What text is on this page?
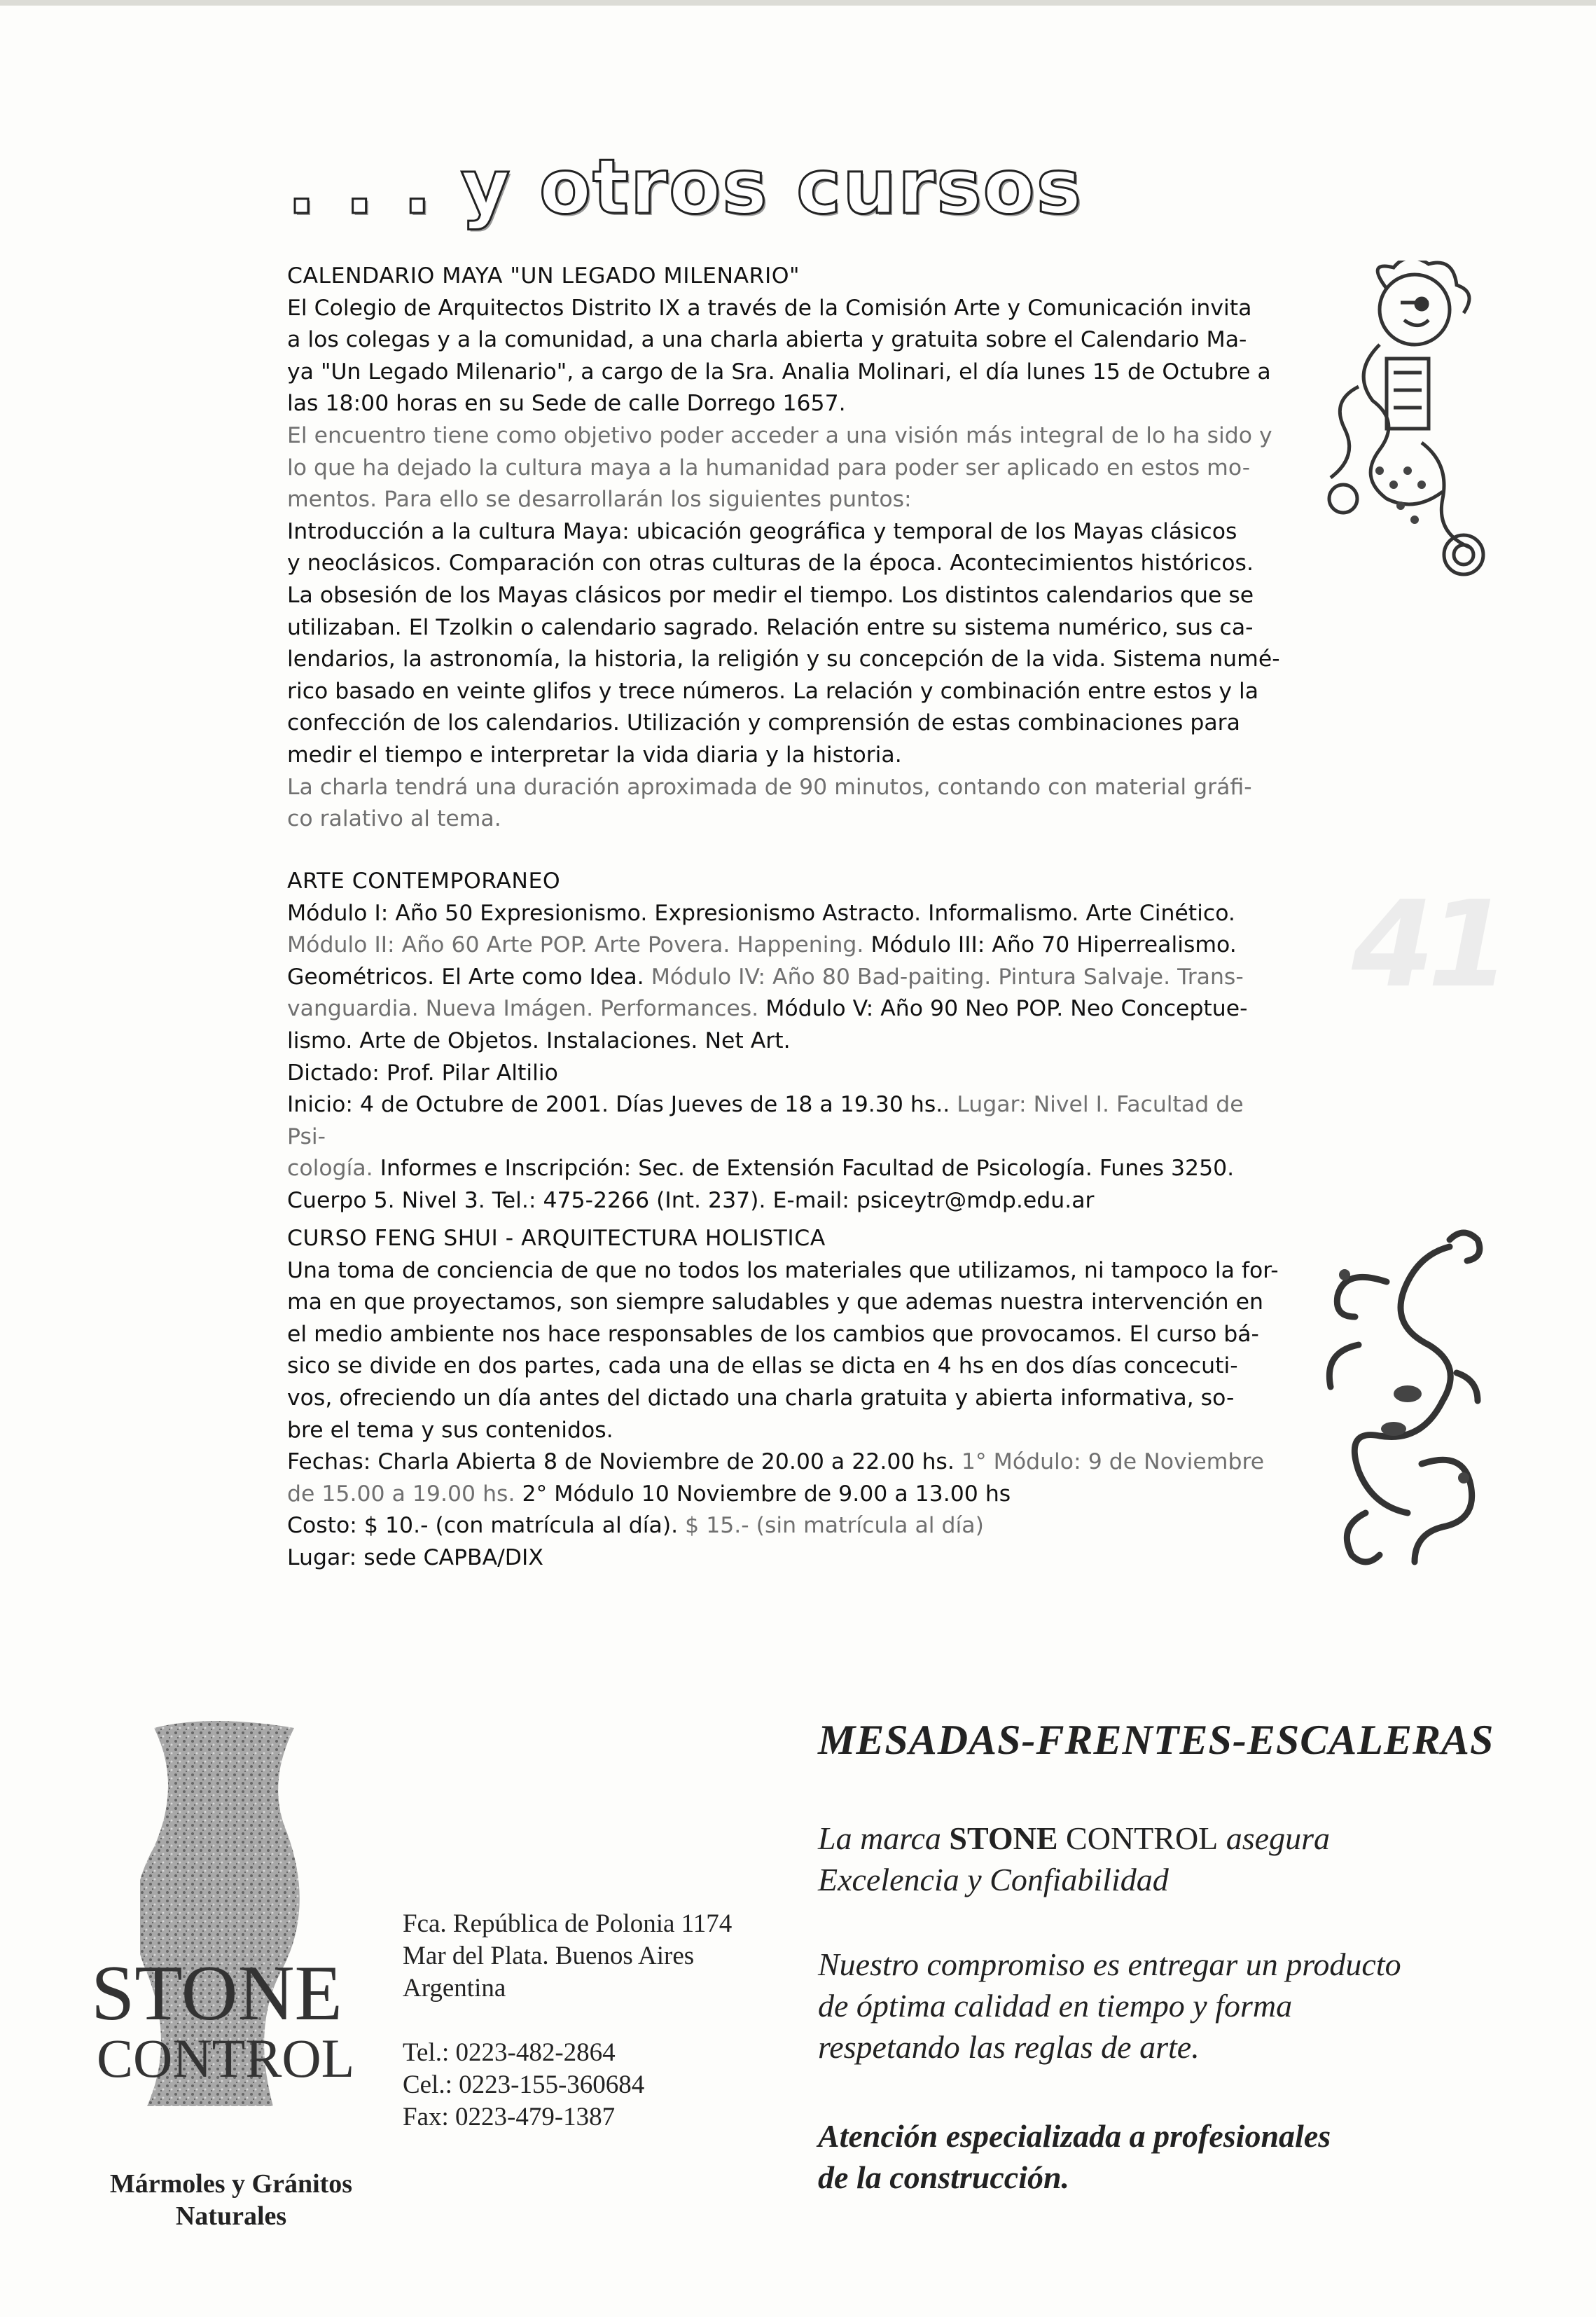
41
. . . y otros cursos

CALENDARIO MAYA "UN LEGADO MILENARIO"

El Colegio de Arquitectos Distrito IX a través de la Comisión Arte y Comunicación invita

a los colegas y a la comunidad, a una charla abierta y gratuita sobre el Calendario Ma-

ya "Un Legado Milenario", a cargo de la Sra. Analia Molinari, el día lunes 15 de Octubre a

las 18:00 horas en su Sede de calle Dorrego 1657.

El encuentro tiene como objetivo poder acceder a una visión más integral de lo ha sido y

lo que ha dejado la cultura maya a la humanidad para poder ser aplicado en estos mo-

mentos. Para ello se desarrollarán los siguientes puntos:

Introducción a la cultura Maya: ubicación geográfica y temporal de los Mayas clásicos

y neoclásicos. Comparación con otras culturas de la época. Acontecimientos históricos.

La obsesión de los Mayas clásicos por medir el tiempo. Los distintos calendarios que se

utilizaban. El Tzolkin o calendario sagrado. Relación entre su sistema numérico, sus ca-

lendarios, la astronomía, la historia, la religión y su concepción de la vida. Sistema numé-

rico basado en veinte glifos y trece números. La relación y combinación entre estos y la

confección de los calendarios. Utilización y comprensión de estas combinaciones para

medir el tiempo e interpretar la vida diaria y la historia.

La charla tendrá una duración aproximada de 90 minutos, contando con material gráfi-

co ralativo al tema.

ARTE CONTEMPORANEO

Módulo I: Año 50 Expresionismo. Expresionismo Astracto. Informalismo. Arte Cinético.

Módulo II: Año 60 Arte POP. Arte Povera. Happening. Módulo III: Año 70 Hiperrealismo.

Geométricos. El Arte como Idea. Módulo IV: Año 80 Bad-paiting. Pintura Salvaje. Trans-

vanguardia. Nueva Imágen. Performances. Módulo V: Año 90 Neo POP. Neo Conceptue-

lismo. Arte de Objetos. Instalaciones. Net Art.

Dictado: Prof. Pilar Altilio

Inicio: 4 de Octubre de 2001. Días Jueves de 18 a 19.30 hs.. Lugar: Nivel I. Facultad de Psi-

cología. Informes e Inscripción: Sec. de Extensión Facultad de Psicología. Funes 3250.

Cuerpo 5. Nivel 3. Tel.: 475-2266 (Int. 237). E-mail: psiceytr@mdp.edu.ar

CURSO FENG SHUI - ARQUITECTURA HOLISTICA

Una toma de conciencia de que no todos los materiales que utilizamos, ni tampoco la for-

ma en que proyectamos, son siempre saludables y que ademas nuestra intervención en

el medio ambiente nos hace responsables de los cambios que provocamos. El curso bá-

sico se divide en dos partes, cada una de ellas se dicta en 4 hs en dos días concecuti-

vos, ofreciendo un día antes del dictado una charla gratuita y abierta informativa, so-

bre el tema y sus contenidos.

Fechas: Charla Abierta 8 de Noviembre de 20.00 a 22.00 hs. 1° Módulo: 9 de Noviembre

de 15.00 a 19.00 hs. 2° Módulo 10 Noviembre de 9.00 a 13.00 hs

Costo: $ 10.- (con matrícula al día). $ 15.- (sin matrícula al día)

Lugar: sede CAPBA/DIX

STONE
CONTROL
Mármoles y Gránitos Naturales
Fca. República de Polonia 1174
Mar del Plata. Buenos Aires
Argentina
Tel.: 0223-482-2864
Cel.: 0223-155-360684
Fax: 0223-479-1387
MESADAS-FRENTES-ESCALERAS
La marca STONE CONTROL asegura
Excelencia y Confiabilidad
Nuestro compromiso es entregar un producto
de óptima calidad en tiempo y forma
respetando las reglas de arte.
Atención especializada a profesionales
de la construcción.
